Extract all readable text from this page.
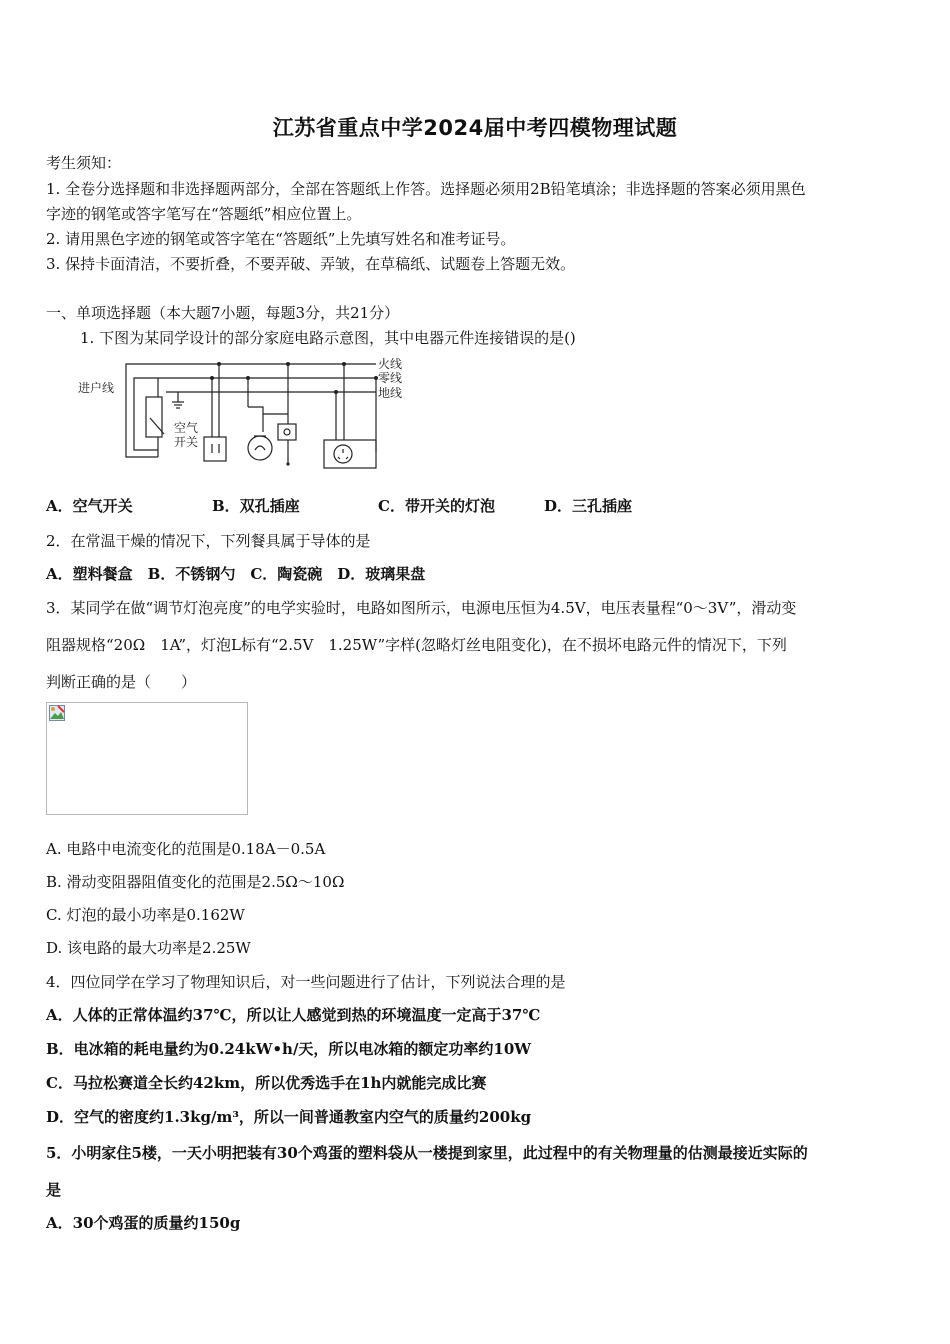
江苏省重点中学2024届中考四模物理试题
考生须知：
1. 全卷分选择题和非选择题两部分，全部在答题纸上作答。选择题必须用2B铅笔填涂；非选择题的答案必须用黑色
字迹的钢笔或答字笔写在“答题纸”相应位置上。
2. 请用黑色字迹的钢笔或答字笔在“答题纸”上先填写姓名和准考证号。
3. 保持卡面清洁，不要折叠，不要弄破、弄皱，在草稿纸、试题卷上答题无效。
一、单项选择题（本大题7小题，每题3分，共21分）
1. 下图为某同学设计的部分家庭电路示意图，其中电器元件连接错误的是()
火线
零线
地线
进户线
空气
开关
A．空气开关	B．双孔插座	C．带开关的灯泡	D．三孔插座
2．在常温干燥的情况下，下列餐具属于导体的是
A．塑料餐盒　B．不锈钢勺　C．陶瓷碗　D．玻璃果盘
3．某同学在做“调节灯泡亮度”的电学实验时，电路如图所示，电源电压恒为4.5V，电压表量程“0～3V”，滑动变
阻器规格“20Ω　1A”，灯泡L标有“2.5V　1.25W”字样(忽略灯丝电阻变化)，在不损坏电路元件的情况下，下列
判断正确的是（　　）
A. 电路中电流变化的范围是0.18A－0.5A
B. 滑动变阻器阻值变化的范围是2.5Ω～10Ω
C. 灯泡的最小功率是0.162W
D. 该电路的最大功率是2.25W
4．四位同学在学习了物理知识后，对一些问题进行了估计，下列说法合理的是
A．人体的正常体温约37℃，所以让人感觉到热的环境温度一定高于37℃
B．电冰箱的耗电量约为0.24kW•h/天，所以电冰箱的额定功率约10W
C．马拉松赛道全长约42km，所以优秀选手在1h内就能完成比赛
D．空气的密度约1.3kg/m³，所以一间普通教室内空气的质量约200kg
5．小明家住5楼，一天小明把装有30个鸡蛋的塑料袋从一楼提到家里，此过程中的有关物理量的估测最接近实际的
是
A．30个鸡蛋的质量约150g
